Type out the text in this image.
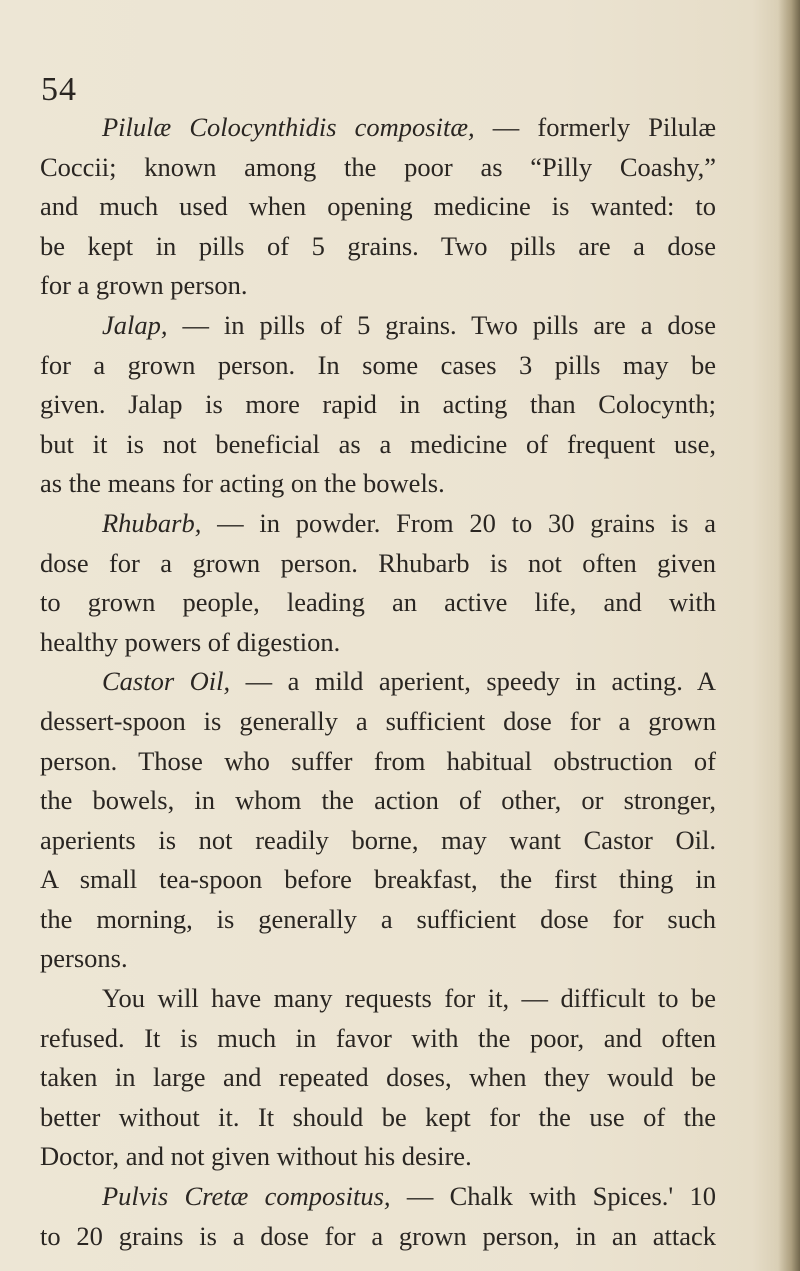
54
Pilulæ Colocynthidis compositæ, — formerly Pilulæ
Coccii; known among the poor as “Pilly Coashy,”
and much used when opening medicine is wanted: to
be kept in pills of 5 grains. Two pills are a dose
for a grown person.
Jalap, — in pills of 5 grains. Two pills are a dose
for a grown person. In some cases 3 pills may be
given. Jalap is more rapid in acting than Colocynth;
but it is not beneficial as a medicine of frequent use,
as the means for acting on the bowels.
Rhubarb, — in powder. From 20 to 30 grains is a
dose for a grown person. Rhubarb is not often given
to grown people, leading an active life, and with
healthy powers of digestion.
Castor Oil, — a mild aperient, speedy in acting. A
dessert-spoon is generally a sufficient dose for a grown
person. Those who suffer from habitual obstruction of
the bowels, in whom the action of other, or stronger,
aperients is not readily borne, may want Castor Oil.
A small tea-spoon before breakfast, the first thing in
the morning, is generally a sufficient dose for such
persons.
You will have many requests for it, — difficult to be
refused. It is much in favor with the poor, and often
taken in large and repeated doses, when they would be
better without it. It should be kept for the use of the
Doctor, and not given without his desire.
Pulvis Cretæ compositus, — Chalk with Spices.' 10
to 20 grains is a dose for a grown person, in an attack
